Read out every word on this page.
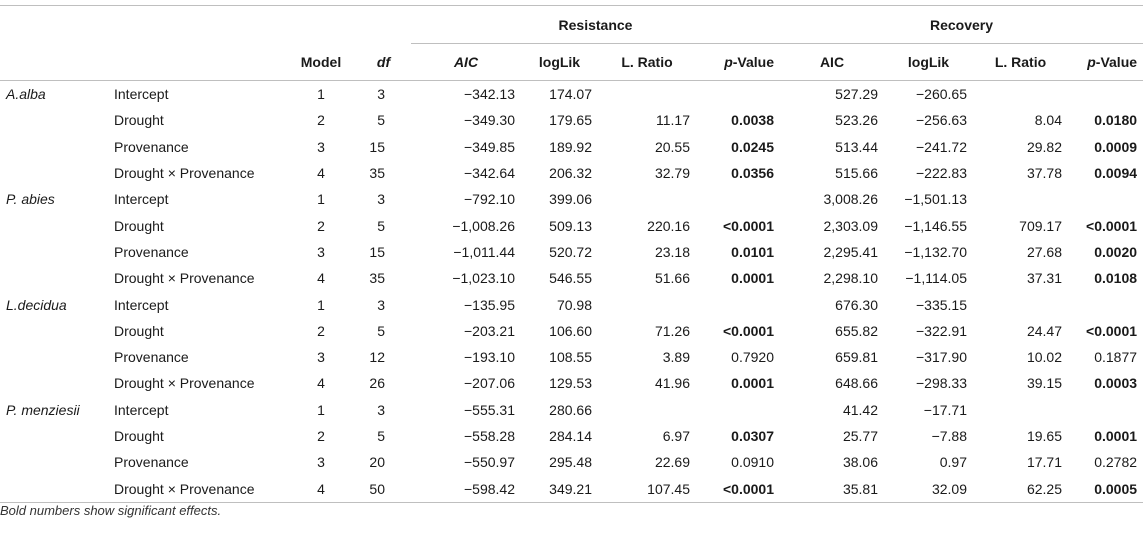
				Resistance				Recovery			
		Model	df	AIC	logLik	L. Ratio	p-Value	AIC	logLik	L. Ratio	p-Value
A.alba	Intercept	1	3	−342.13	174.07			527.29	−260.65		
	Drought	2	5	−349.30	179.65	11.17	0.0038	523.26	−256.63	8.04	0.0180
	Provenance	3	15	−349.85	189.92	20.55	0.0245	513.44	−241.72	29.82	0.0009
	Drought × Provenance	4	35	−342.64	206.32	32.79	0.0356	515.66	−222.83	37.78	0.0094
P. abies	Intercept	1	3	−792.10	399.06			3,008.26	−1,501.13		
	Drought	2	5	−1,008.26	509.13	220.16	<0.0001	2,303.09	−1,146.55	709.17	<0.0001
	Provenance	3	15	−1,011.44	520.72	23.18	0.0101	2,295.41	−1,132.70	27.68	0.0020
	Drought × Provenance	4	35	−1,023.10	546.55	51.66	0.0001	2,298.10	−1,114.05	37.31	0.0108
L.decidua	Intercept	1	3	−135.95	70.98			676.30	−335.15		
	Drought	2	5	−203.21	106.60	71.26	<0.0001	655.82	−322.91	24.47	<0.0001
	Provenance	3	12	−193.10	108.55	3.89	0.7920	659.81	−317.90	10.02	0.1877
	Drought × Provenance	4	26	−207.06	129.53	41.96	0.0001	648.66	−298.33	39.15	0.0003
P. menziesii	Intercept	1	3	−555.31	280.66			41.42	−17.71		
	Drought	2	5	−558.28	284.14	6.97	0.0307	25.77	−7.88	19.65	0.0001
	Provenance	3	20	−550.97	295.48	22.69	0.0910	38.06	0.97	17.71	0.2782
	Drought × Provenance	4	50	−598.42	349.21	107.45	<0.0001	35.81	32.09	62.25	0.0005
Bold numbers show significant effects.
